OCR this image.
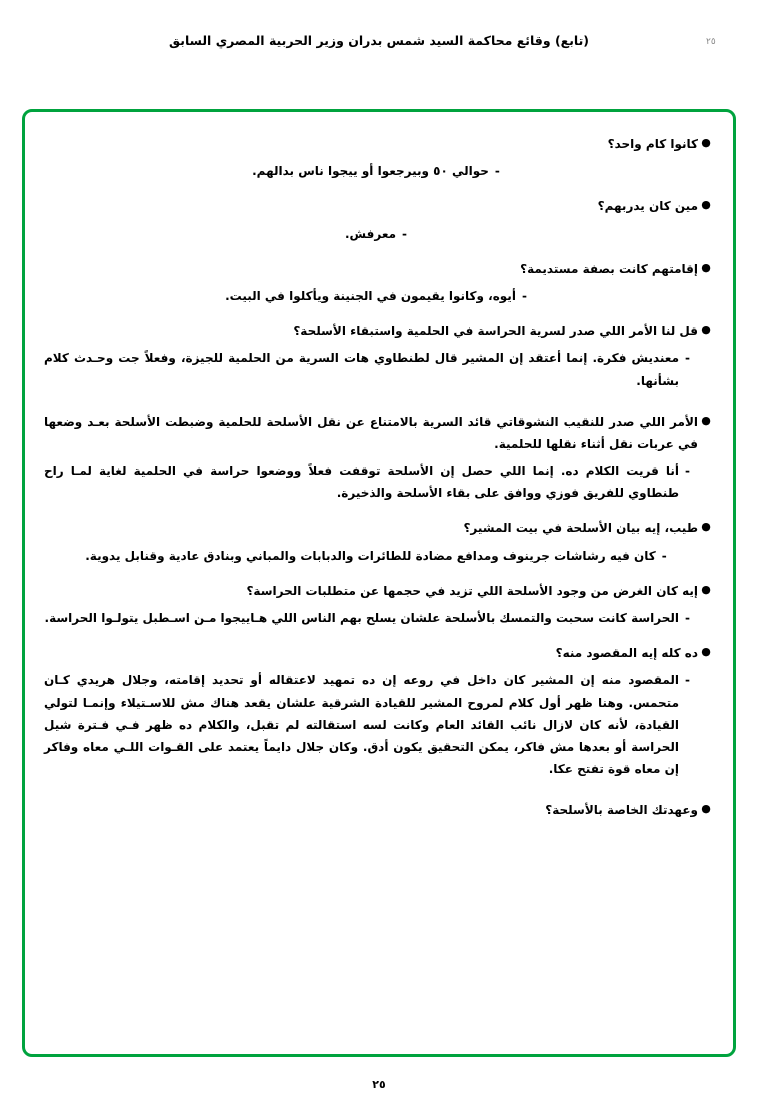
٢٥
(تابع) وقائع محاكمة السيد شمس بدران وزير الحربية المصري السابق
●
كانوا كام واحد؟
-
حوالي ٥٠ وبيرجعوا أو ييجوا ناس بدالهم.
●
مين كان يدربهم؟
-
معرفش.
●
إقامتهم كانت بصفة مستديمة؟
-
أيوه، وكانوا يقيمون في الجنينة ويأكلوا في البيت.
●
قل لنا الأمر اللي صدر لسرية الحراسة في الحلمية واستبقاء الأسلحة؟
-
معندیش فكرة. إنما أعتقد إن المشير قال لطنطاوي هات السرية من الحلمية للجيزة، وفعلاً جت وحـدث كلام بشأنها.
●
الأمر اللي صدر للنقيب النشوقاتي قائد السرية بالامتناع عن نقل الأسلحة للحلمية وضبطت الأسلحة بعـد وضعها في عربات نقل أثناء نقلها للحلمية.
-
أنا قريت الكلام ده. إنما اللي حصل إن الأسلحة توقفت فعلاً ووضعوا حراسة في الحلمية لغاية لمـا راح طنطاوي للفريق فوزي ووافق على بقاء الأسلحة والذخيرة.
●
طيب، إيه بيان الأسلحة في بيت المشير؟
-
كان فيه رشاشات جرينوف ومدافع مضادة للطائرات والدبابات والمباني وبنادق عادية وقنابل يدوية.
●
إيه كان الغرض من وجود الأسلحة اللي تزيد في حجمها عن متطلبات الحراسة؟
-
الحراسة كانت سحبت والتمسك بالأسلحة علشان يسلح بهم الناس اللي هـاييجوا مـن اسـطبل يتولـوا الحراسة.
●
ده كله إيه المقصود منه؟
-
المقصود منه إن المشير كان داخل في روعه إن ده تمهيد لاعتقاله أو تحديد إقامته، وجلال هريدي كـان متحمس. وهنا ظهر أول كلام لمروح المشير للقيادة الشرقية علشان يقعد هناك مش للاسـتيلاء وإنمـا لتولي القيادة، لأنه كان لازال نائب القائد العام وكانت لسه استقالته لم تقبل، والكلام ده ظهر فـي فـترة شيل الحراسة أو بعدها مش فاكر، يمكن التحقيق يكون أدق. وكان جلال دايماً يعتمد على القـوات اللـي معاه وفاكر إن معاه قوة تفتح عكا.
●
وعهدتك الخاصة بالأسلحة؟
٢٥
